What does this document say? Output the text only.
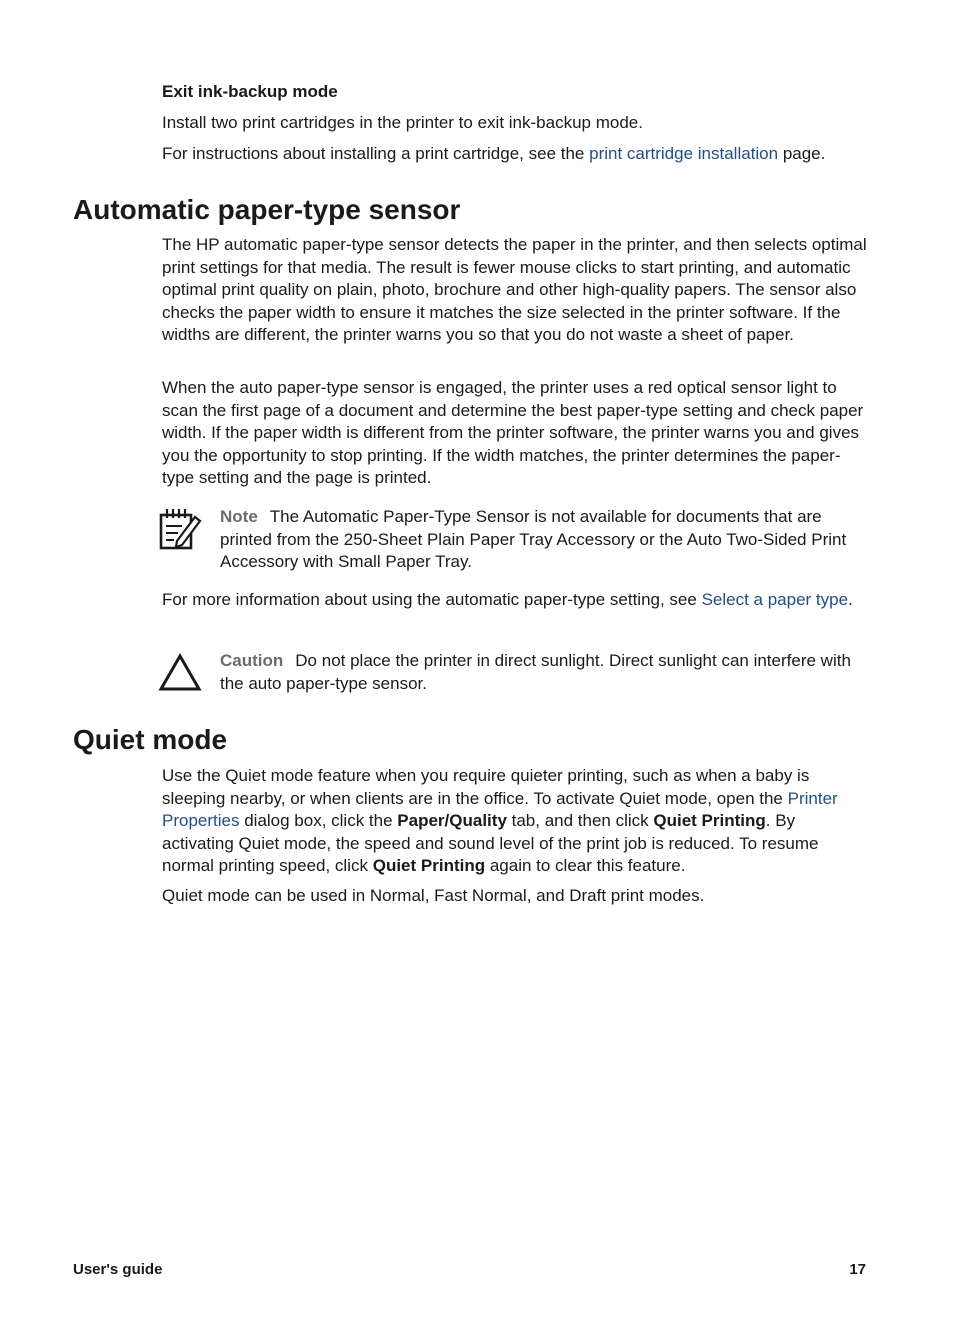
Exit ink-backup mode

Install two print cartridges in the printer to exit ink-backup mode.

For instructions about installing a print cartridge, see the print cartridge installation page.

Automatic paper-type sensor

The HP automatic paper-type sensor detects the paper in the printer, and then selects optimal print settings for that media. The result is fewer mouse clicks to start printing, and automatic optimal print quality on plain, photo, brochure and other high-quality papers. The sensor also checks the paper width to ensure it matches the size selected in the printer software. If the widths are different, the printer warns you so that you do not waste a sheet of paper.

When the auto paper-type sensor is engaged, the printer uses a red optical sensor light to scan the first page of a document and determine the best paper-type setting and check paper width. If the paper width is different from the printer software, the printer warns you and gives you the opportunity to stop printing. If the width matches, the printer determines the paper-type setting and the page is printed.

Note The Automatic Paper-Type Sensor is not available for documents that are printed from the 250-Sheet Plain Paper Tray Accessory or the Auto Two-Sided Print Accessory with Small Paper Tray.

For more information about using the automatic paper-type setting, see Select a paper type.

Caution Do not place the printer in direct sunlight. Direct sunlight can interfere with the auto paper-type sensor.

Quiet mode

Use the Quiet mode feature when you require quieter printing, such as when a baby is sleeping nearby, or when clients are in the office. To activate Quiet mode, open the Printer Properties dialog box, click the Paper/Quality tab, and then click Quiet Printing. By activating Quiet mode, the speed and sound level of the print job is reduced. To resume normal printing speed, click Quiet Printing again to clear this feature.

Quiet mode can be used in Normal, Fast Normal, and Draft print modes.

User's guide	17
